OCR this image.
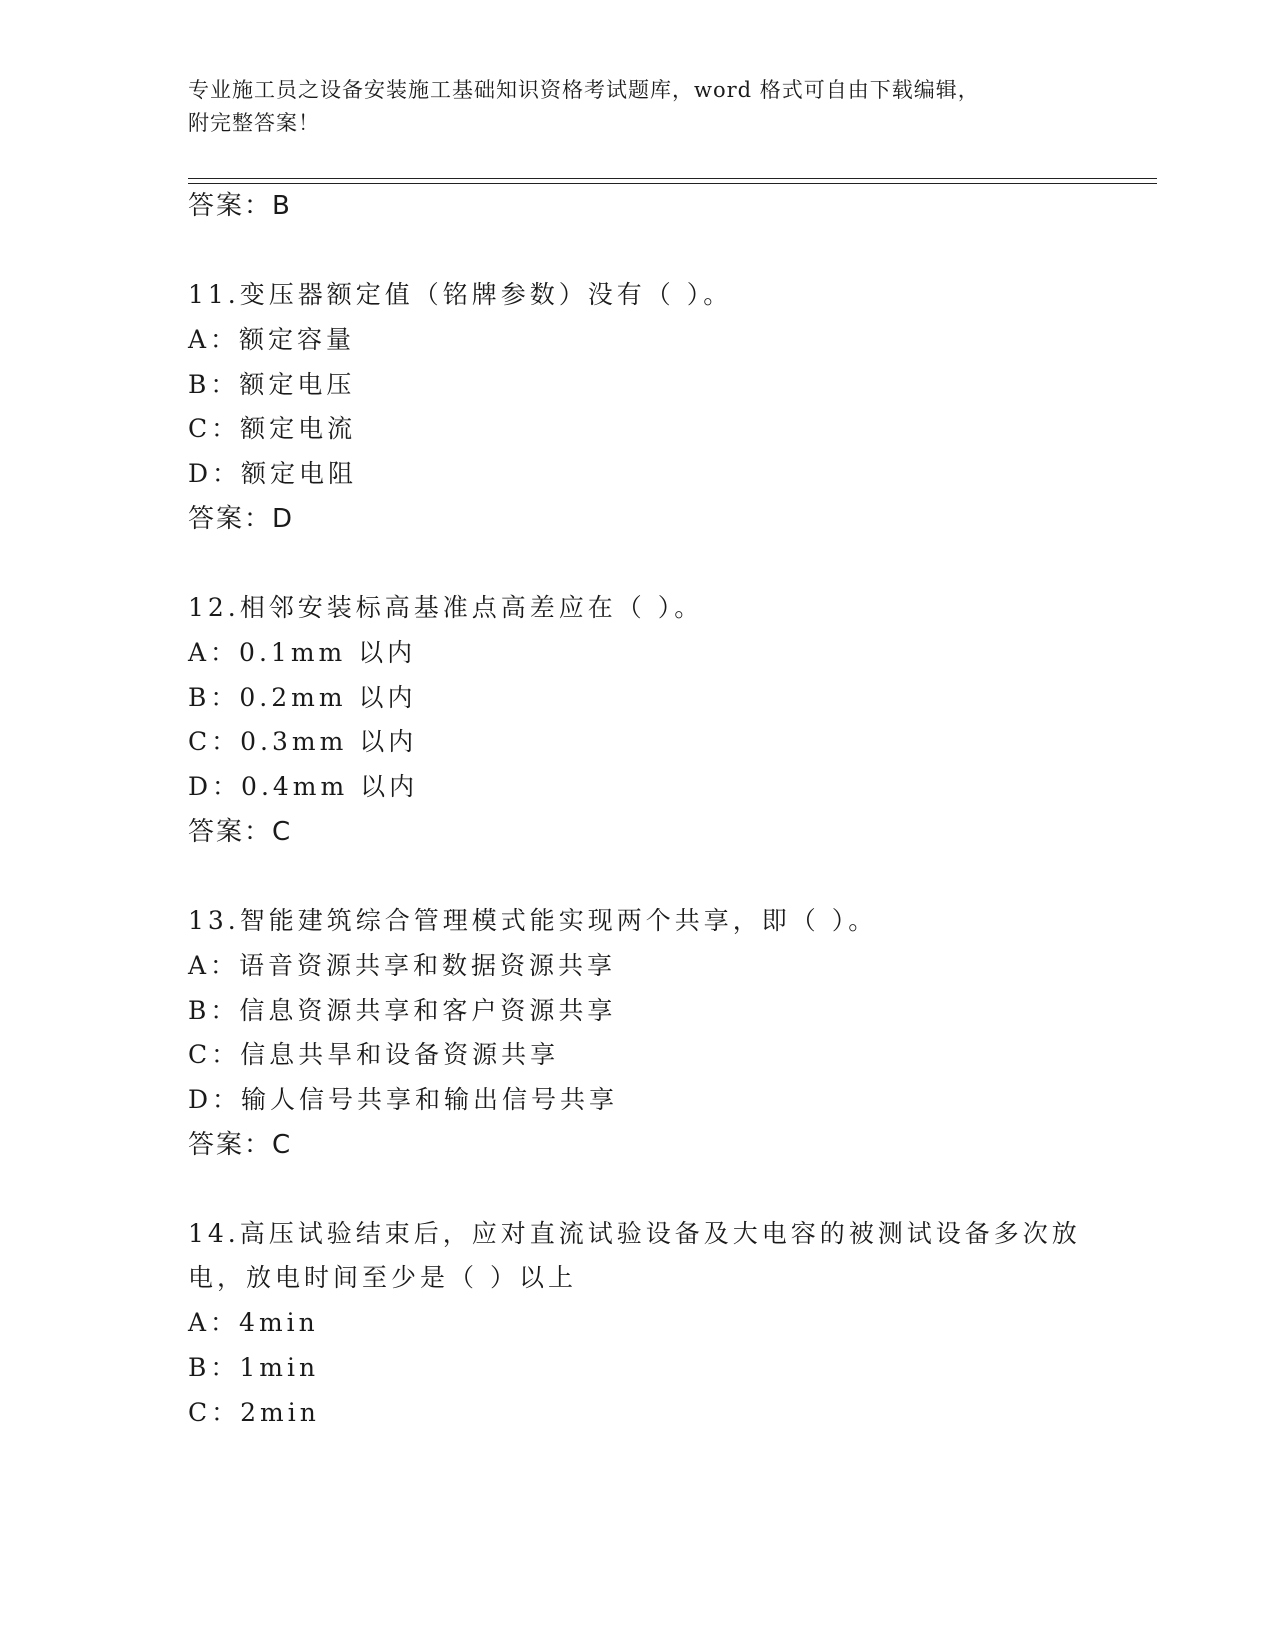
专业施工员之设备安装施工基础知识资格考试题库，word 格式可自由下载编辑，
附完整答案！
答案：B
11.变压器额定值（铭牌参数）没有（ ）。
A：额定容量
B：额定电压
C：额定电流
D：额定电阻
答案：D
12.相邻安装标高基准点高差应在（ ）。
A：0.1mm 以内
B：0.2mm 以内
C：0.3mm 以内
D：0.4mm 以内
答案：C
13.智能建筑综合管理模式能实现两个共享，即（ ）。
A：语音资源共享和数据资源共享
B：信息资源共享和客户资源共享
C：信息共旱和设备资源共享
D：输人信号共享和输出信号共享
答案：C
14.高压试验结束后，应对直流试验设备及大电容的被测试设备多次放
电，放电时间至少是（ ）以上
A：4min
B：1min
C：2min
